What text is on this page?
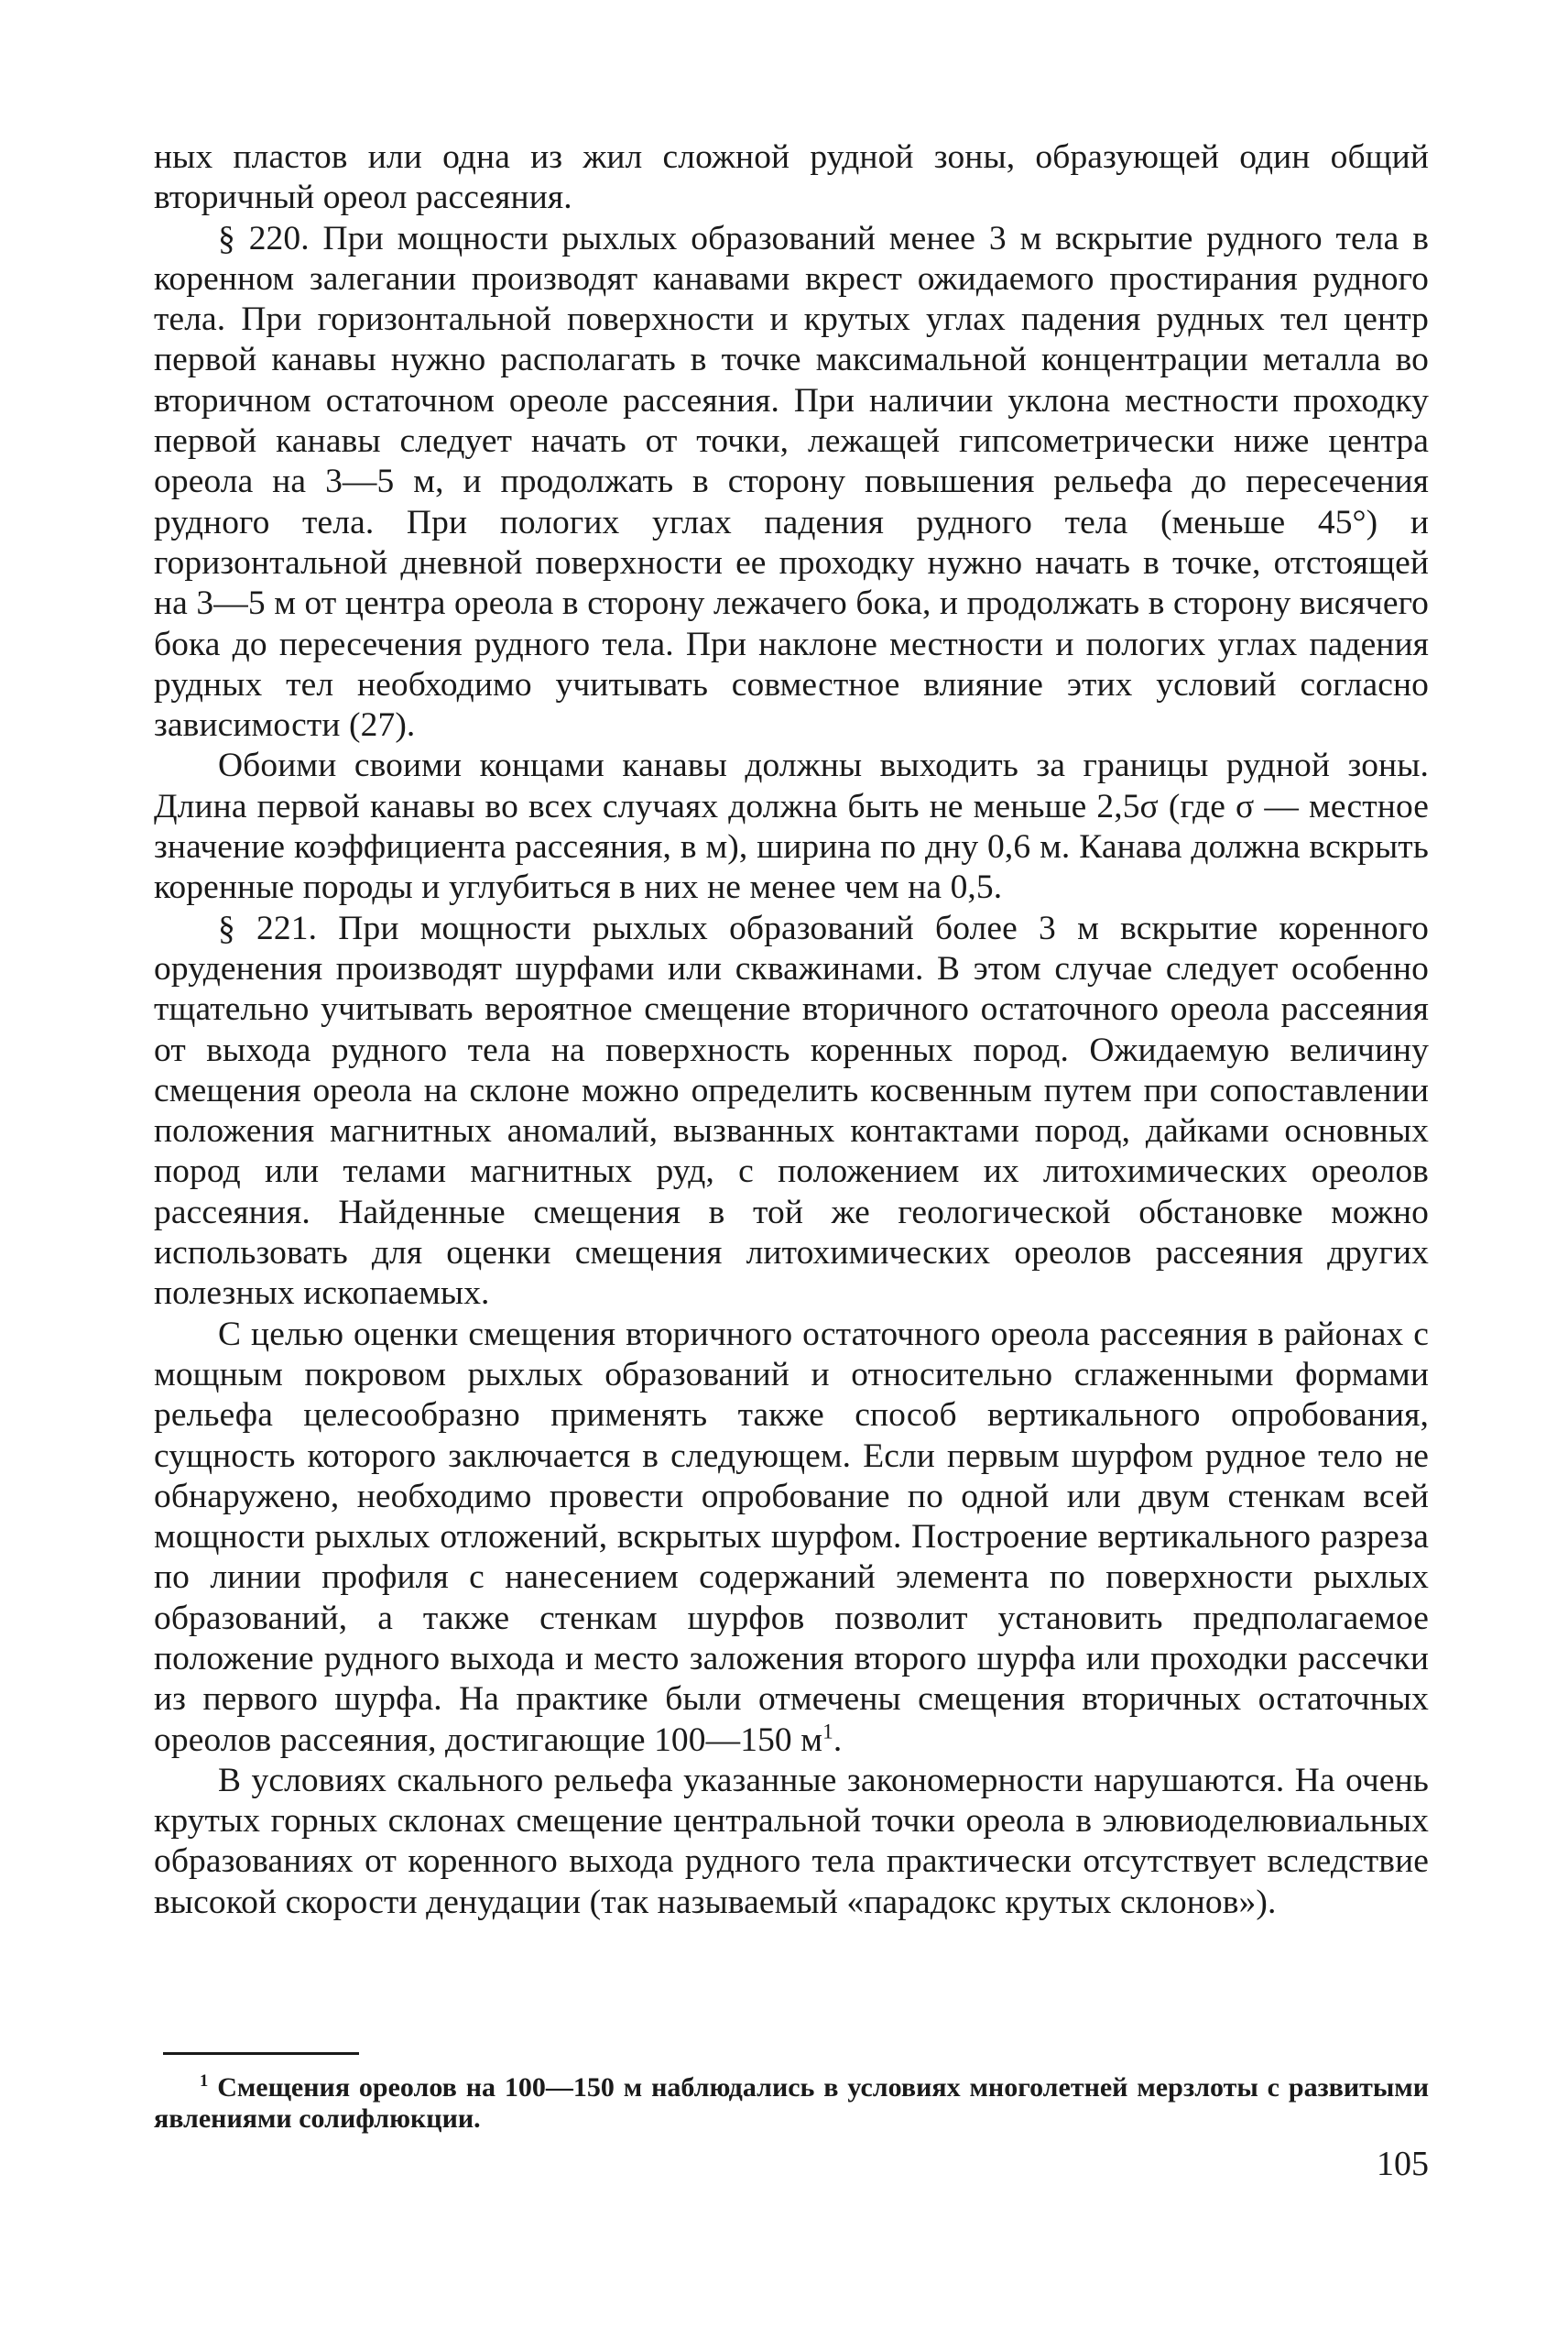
ных пластов или одна из жил сложной рудной зоны, образующей один общий вторичный ореол рассеяния.

§ 220. При мощности рыхлых образований менее 3 м вскрытие рудного тела в коренном залегании производят канавами вкрест ожидаемого простирания рудного тела. При горизонтальной поверхности и крутых углах падения рудных тел центр первой канавы нужно располагать в точке максимальной концентрации металла во вторичном остаточном ореоле рассеяния. При наличии уклона местности проходку первой канавы следует начать от точки, лежащей гипсометрически ниже центра ореола на 3—5 м, и продолжать в сторону повышения рельефа до пересечения рудного тела. При пологих углах падения рудного тела (меньше 45°) и горизонтальной дневной поверхности ее проходку нужно начать в точке, отстоящей на 3—5 м от центра ореола в сторону лежачего бока, и продолжать в сторону висячего бока до пересечения рудного тела. При наклоне местности и пологих углах падения рудных тел необходимо учитывать совместное влияние этих условий согласно зависимости (27).

Обоими своими концами канавы должны выходить за границы рудной зоны. Длина первой канавы во всех случаях должна быть не меньше 2,5σ (где σ — местное значение коэффициента рассеяния, в м), ширина по дну 0,6 м. Канава должна вскрыть коренные породы и углубиться в них не менее чем на 0,5.

§ 221. При мощности рыхлых образований более 3 м вскрытие коренного оруденения производят шурфами или скважинами. В этом случае следует особенно тщательно учитывать вероятное смещение вторичного остаточного ореола рассеяния от выхода рудного тела на поверхность коренных пород. Ожидаемую величину смещения ореола на склоне можно определить косвенным путем при сопоставлении положения магнитных аномалий, вызванных контактами пород, дайками основных пород или телами магнитных руд, с положением их литохимических ореолов рассеяния. Найденные смещения в той же геологической обстановке можно использовать для оценки смещения литохимических ореолов рассеяния других полезных ископаемых.

С целью оценки смещения вторичного остаточного ореола рассеяния в районах с мощным покровом рыхлых образований и относительно сглаженными формами рельефа целесообразно применять также способ вертикального опробования, сущность которого заключается в следующем. Если первым шурфом рудное тело не обнаружено, необходимо провести опробование по одной или двум стенкам всей мощности рыхлых отложений, вскрытых шурфом. Построение вертикального разреза по линии профиля с нанесением содержаний элемента по поверхности рыхлых образований, а также стенкам шурфов позволит установить предполагаемое положение рудного выхода и место заложения второго шурфа или проходки рассечки из первого шурфа. На практике были отмечены смещения вторичных остаточных ореолов рассеяния, достигающие 100—150 $м^1$.

В условиях скального рельефа указанные закономерности нарушаются. На очень крутых горных склонах смещение центральной точки ореола в элювиоделювиальных образованиях от коренного выхода рудного тела практически отсутствует вследствие высокой скорости денудации (так называемый «парадокс крутых склонов»).

$^1$ Смещения ореолов на 100—150 м наблюдались в условиях многолетней мерзлоты с развитыми явлениями солифлюкции.
105
